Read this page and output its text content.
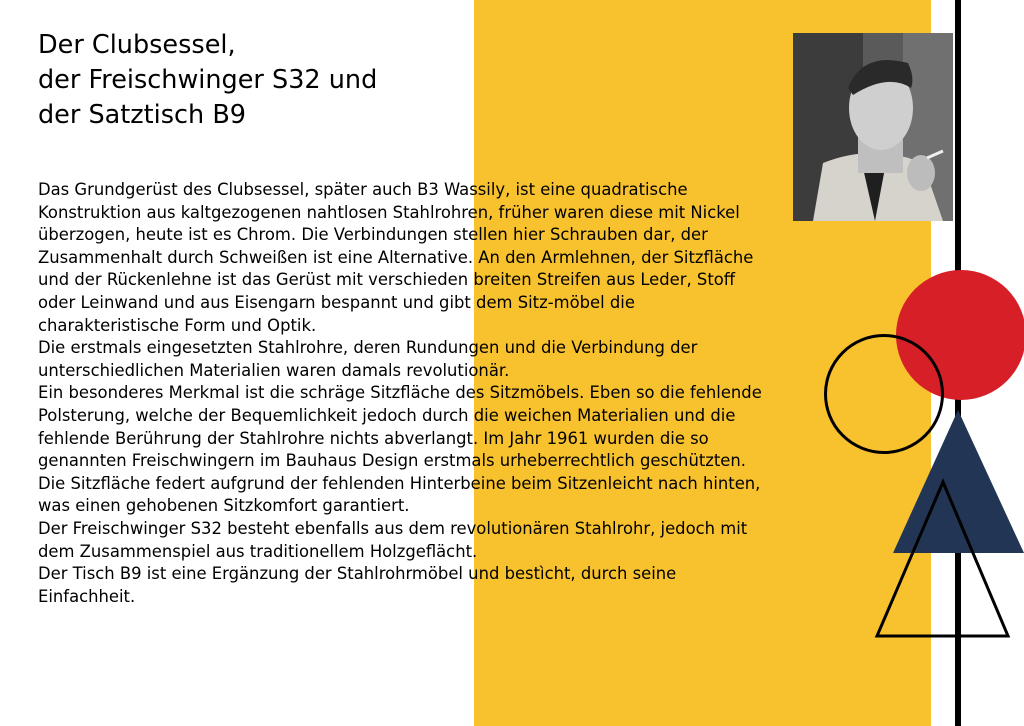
Der Clubsessel,
der Freischwinger S32 und
der Satztisch B9

Das Grundgerüst des Clubsessel, später auch B3 Wassily, ist eine quadratische Konstruktion aus kaltgezogenen nahtlosen Stahlrohren, früher waren diese mit Nickel überzogen, heute ist es Chrom. Die Verbindungen stellen hier Schrauben dar, der Zusammenhalt durch Schweißen ist eine Alternative. An den Armlehnen, der Sitzfläche und der Rückenlehne ist das Gerüst mit verschieden breiten Streifen aus Leder, Stoff oder Leinwand und aus Eisengarn bespannt und gibt dem Sitz-möbel die charakteristische Form und Optik.

Die erstmals eingesetzten Stahlrohre, deren Rundungen und die Verbindung der unterschiedlichen Materialien waren damals revolutionär.

Ein besonderes Merkmal ist die schräge Sitzfläche des Sitzmöbels. Eben so die fehlende Polsterung, welche der Bequemlichkeit jedoch durch die weichen Materialien und die fehlende Berührung der Stahlrohre nichts abverlangt. Im Jahr 1961 wurden die so genannten Freischwingern im Bauhaus Design erstmals urheberrechtlich geschützten. Die Sitzfläche federt aufgrund der fehlenden Hinterbeine beim Sitzenleicht nach hinten, was einen gehobenen Sitzkomfort garantiert.

Der Freischwinger S32 besteht ebenfalls aus dem revolutionären Stahlrohr, jedoch mit dem Zusammenspiel aus traditionellem Holzgeflächt.

Der Tisch B9 ist eine Ergänzung der Stahlrohrmöbel und bestìcht, durch seine Einfachheit.
